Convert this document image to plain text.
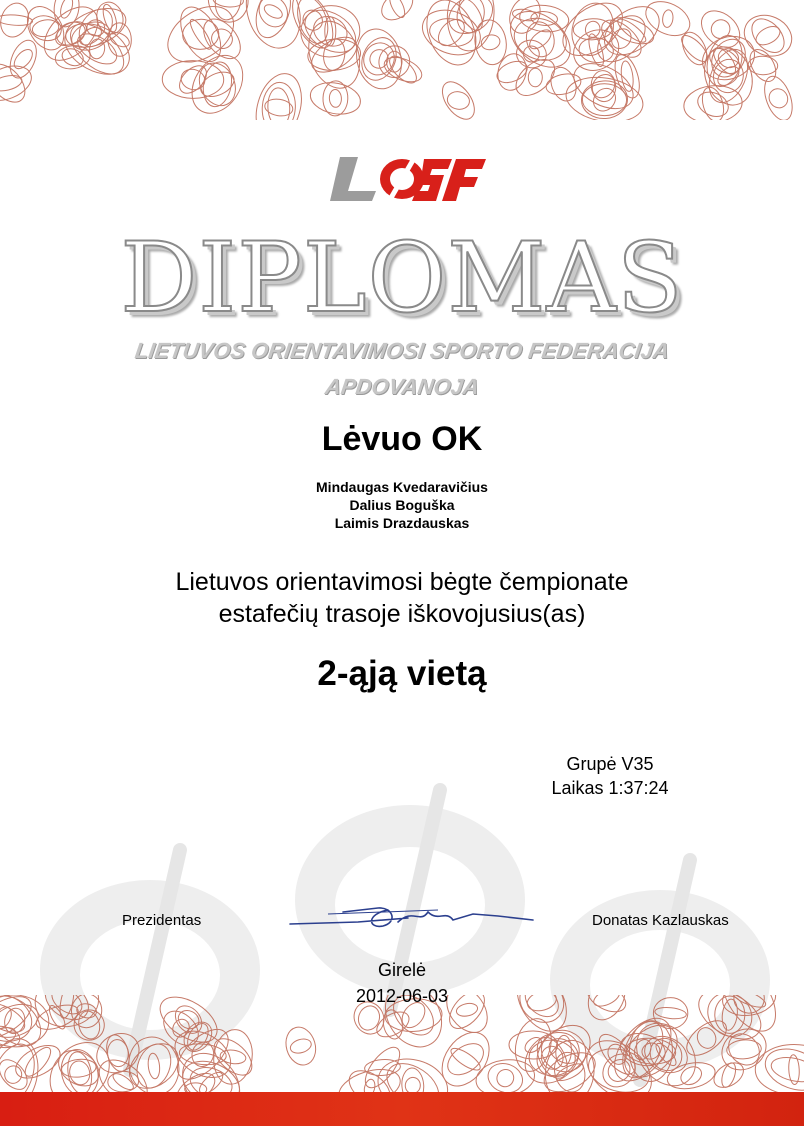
DIPLOMAS
LIETUVOS ORIENTAVIMOSI SPORTO FEDERACIJA
APDOVANOJA
Lėvuo OK
Mindaugas Kvedaravičius
Dalius Boguška
Laimis Drazdauskas
Lietuvos orientavimosi bėgte čempionate
estafečių trasoje iškovojusius(as)
2-ąją vietą
Grupė V35
Laikas 1:37:24
Prezidentas	Donatas Kazlauskas
Girelė
2012-06-03
